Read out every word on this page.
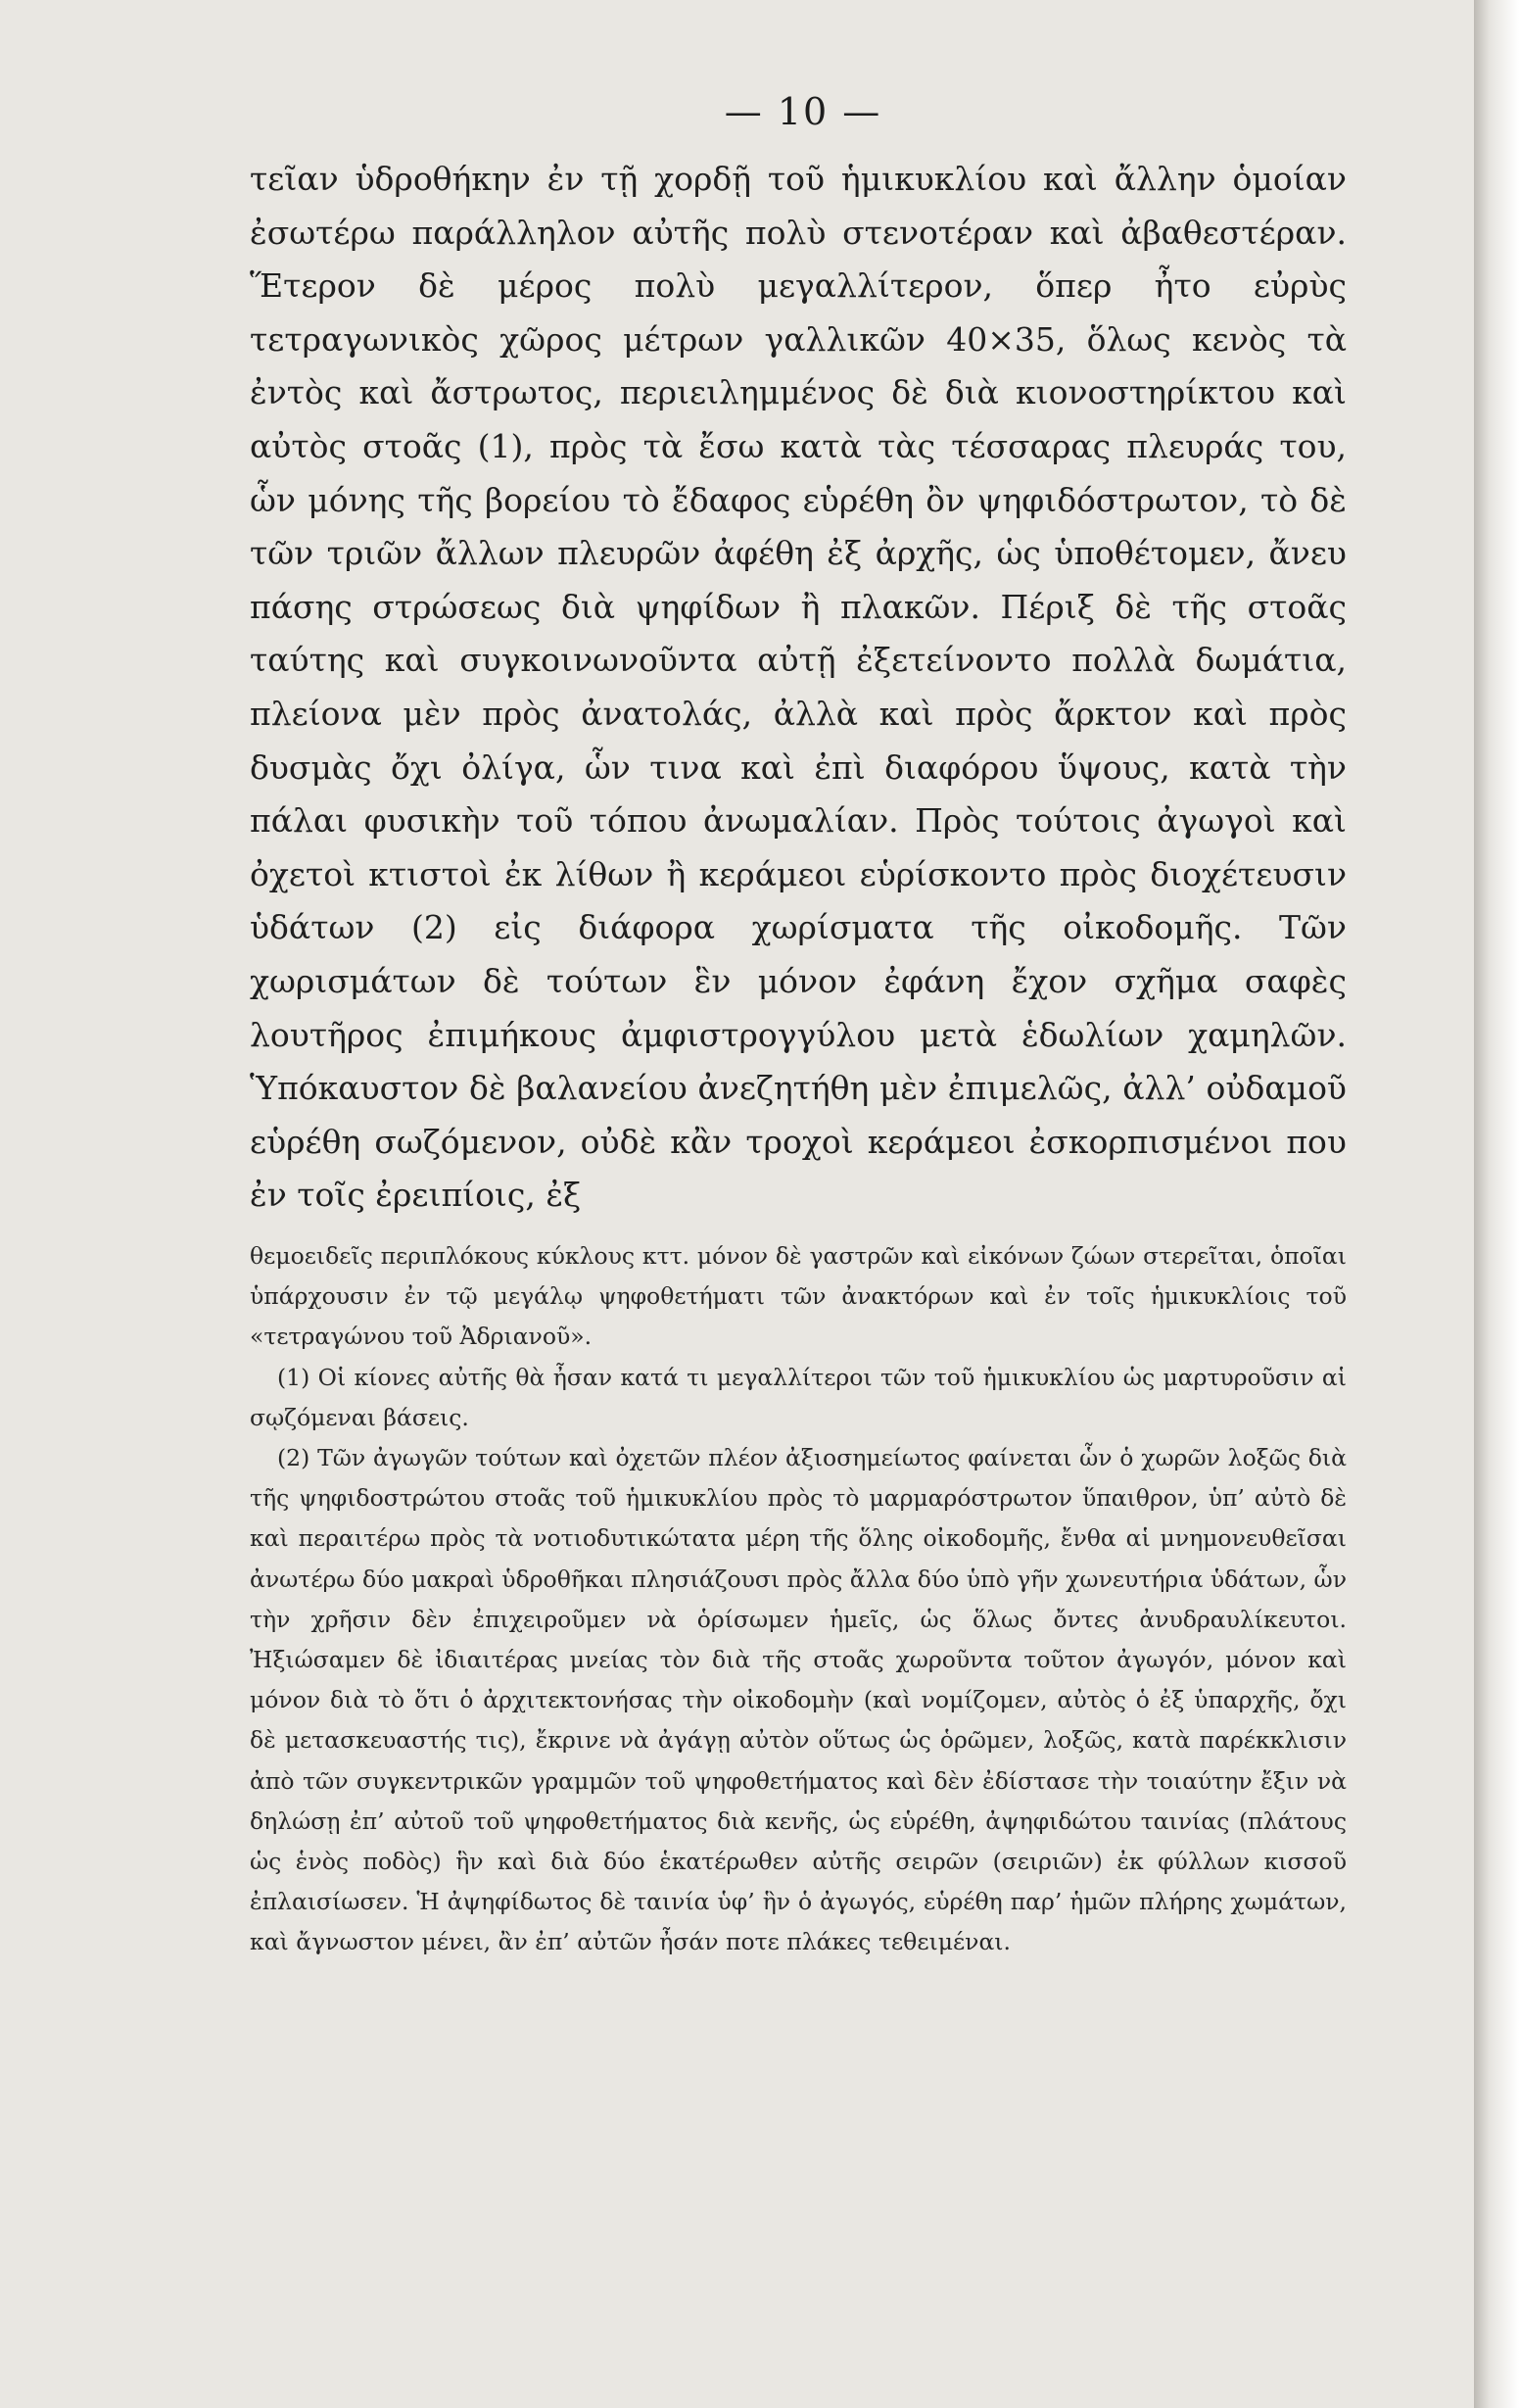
— 10 —

τεῖαν ὑδροθήκην ἐν τῇ χορδῇ τοῦ ἡμικυκλίου καὶ ἄλλην ὁμοίαν ἐσωτέρω παράλληλον αὐτῆς πολὺ στενοτέραν καὶ ἀβαθεστέραν. Ἕτερον δὲ μέρος πολὺ μεγαλλίτερον, ὅπερ ἦτο εὐρὺς τετραγωνικὸς χῶρος μέτρων γαλλικῶν 40×35, ὅλως κενὸς τὰ ἐντὸς καὶ ἄστρωτος, περιειλημμένος δὲ διὰ κιονοστηρίκτου καὶ αὐτὸς στοᾶς (1), πρὸς τὰ ἔσω κατὰ τὰς τέσσαρας πλευράς του, ὧν μόνης τῆς βορείου τὸ ἔδαφος εὑρέθη ὂν ψηφιδόστρωτον, τὸ δὲ τῶν τριῶν ἄλλων πλευρῶν ἀφέθη ἐξ ἀρχῆς, ὡς ὑποθέτομεν, ἄνευ πάσης στρώσεως διὰ ψηφίδων ἢ πλακῶν. Πέριξ δὲ τῆς στοᾶς ταύτης καὶ συγκοινωνοῦντα αὐτῇ ἐξετείνοντο πολλὰ δωμάτια, πλείονα μὲν πρὸς ἀνατολάς, ἀλλὰ καὶ πρὸς ἄρκτον καὶ πρὸς δυσμὰς ὄχι ὀλίγα, ὧν τινα καὶ ἐπὶ διαφόρου ὕψους, κατὰ τὴν πάλαι φυσικὴν τοῦ τόπου ἀνωμαλίαν. Πρὸς τούτοις ἀγωγοὶ καὶ ὀχετοὶ κτιστοὶ ἐκ λίθων ἢ κεράμεοι εὑρίσκοντο πρὸς διοχέτευσιν ὑδάτων (2) εἰς διάφορα χωρίσματα τῆς οἰκοδομῆς. Τῶν χωρισμάτων δὲ τούτων ἓν μόνον ἐφάνη ἔχον σχῆμα σαφὲς λουτῆρος ἐπιμήκους ἀμφιστρογγύλου μετὰ ἑδωλίων χαμηλῶν. Ὑπόκαυστον δὲ βαλανείου ἀνεζητήθη μὲν ἐπιμελῶς, ἀλλ’ οὐδαμοῦ εὑρέθη σωζόμενον, οὐδὲ κἂν τροχοὶ κεράμεοι ἐσκορπισμένοι που ἐν τοῖς ἐρειπίοις, ἐξ

θεμοειδεῖς περιπλόκους κύκλους κττ. μόνον δὲ γαστρῶν καὶ εἰκόνων ζώων στερεῖται, ὁποῖαι ὑπάρχουσιν ἐν τῷ μεγάλῳ ψηφοθετήματι τῶν ἀνακτόρων καὶ ἐν τοῖς ἡμικυκλίοις τοῦ «τετραγώνου τοῦ Ἀδριανοῦ».

(1) Οἱ κίονες αὐτῆς θὰ ἦσαν κατά τι μεγαλλίτεροι τῶν τοῦ ἡμικυκλίου ὡς μαρτυροῦσιν αἱ σῳζόμεναι βάσεις.

(2) Τῶν ἀγωγῶν τούτων καὶ ὀχετῶν πλέον ἀξιοσημείωτος φαίνεται ὧν ὁ χωρῶν λοξῶς διὰ τῆς ψηφιδοστρώτου στοᾶς τοῦ ἡμικυκλίου πρὸς τὸ μαρμαρόστρωτον ὕπαιθρον, ὑπ’ αὐτὸ δὲ καὶ περαιτέρω πρὸς τὰ νοτιοδυτικώτατα μέρη τῆς ὅλης οἰκοδομῆς, ἔνθα αἱ μνημονευθεῖσαι ἀνωτέρω δύο μακραὶ ὑδροθῆκαι πλησιάζουσι πρὸς ἄλλα δύο ὑπὸ γῆν χωνευτήρια ὑδάτων, ὧν τὴν χρῆσιν δὲν ἐπιχειροῦμεν νὰ ὁρίσωμεν ἡμεῖς, ὡς ὅλως ὄντες ἀνυδραυλίκευτοι. Ἠξιώσαμεν δὲ ἰδιαιτέρας μνείας τὸν διὰ τῆς στοᾶς χωροῦντα τοῦτον ἀγωγόν, μόνον καὶ μόνον διὰ τὸ ὅτι ὁ ἀρχιτεκτονήσας τὴν οἰκοδομὴν (καὶ νομίζομεν, αὐτὸς ὁ ἐξ ὑπαρχῆς, ὄχι δὲ μετασκευαστής τις), ἔκρινε νὰ ἀγάγῃ αὐτὸν οὕτως ὡς ὁρῶμεν, λοξῶς, κατὰ παρέκκλισιν ἀπὸ τῶν συγκεντρικῶν γραμμῶν τοῦ ψηφοθετήματος καὶ δὲν ἐδίστασε τὴν τοιαύτην ἔξιν νὰ δηλώσῃ ἐπ’ αὐτοῦ τοῦ ψηφοθετήματος διὰ κενῆς, ὡς εὑρέθη, ἀψηφιδώτου ταινίας (πλάτους ὡς ἑνὸς ποδὸς) ἣν καὶ διὰ δύο ἑκατέρωθεν αὐτῆς σειρῶν (σειριῶν) ἐκ φύλλων κισσοῦ ἐπλαισίωσεν. Ἡ ἀψηφίδωτος δὲ ταινία ὑφ’ ἣν ὁ ἀγωγός, εὑρέθη παρ’ ἡμῶν πλήρης χωμάτων, καὶ ἄγνωστον μένει, ἂν ἐπ’ αὐτῶν ἦσάν ποτε πλάκες τεθειμέναι.
